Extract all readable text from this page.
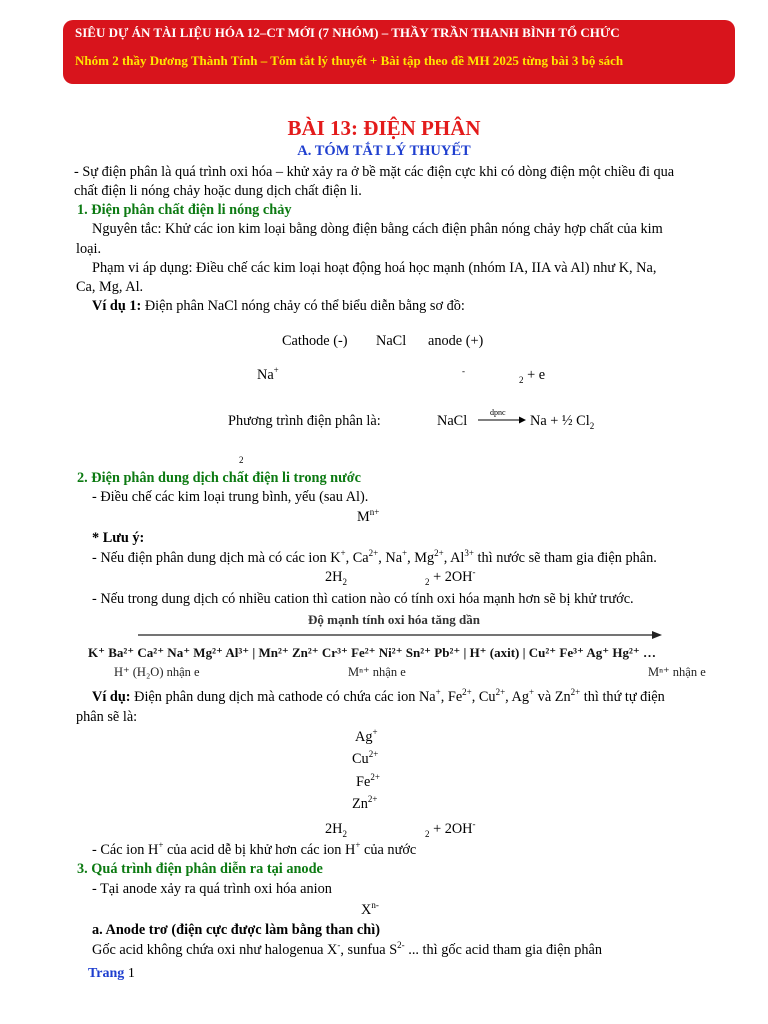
SIÊU DỰ ÁN TÀI LIỆU HÓA 12–CT MỚI (7 NHÓM) – THẦY TRẦN THANH BÌNH TỔ CHỨC
Nhóm 2 thầy Dương Thành Tính – Tóm tắt lý thuyết + Bài tập theo đề MH 2025 từng bài 3 bộ sách
BÀI 13: ĐIỆN PHÂN
A. TÓM TẮT LÝ THUYẾT
- Sự điện phân là quá trình oxi hóa – khử xảy ra ở bề mặt các điện cực khi có dòng điện một chiều đi qua
chất điện li nóng chảy hoặc dung dịch chất điện li.
1. Điện phân chất điện li nóng chảy
Nguyên tắc: Khử các ion kim loại bằng dòng điện bằng cách điện phân nóng chảy hợp chất của kim
loại.
Phạm vi áp dụng: Điều chế các kim loại hoạt động hoá học mạnh (nhóm IA, IIA và Al) như K, Na,
Ca, Mg, Al.
Ví dụ 1: Điện phân NaCl nóng chảy có thể biểu diễn bằng sơ đồ:
Cathode (-) NaCl anode (+)
Na+	-
$_2$ + e
Phương trình điện phân là:	NaCl
dpnc
→ Na + ½ $Cl_2$
2
2. Điện phân dung dịch chất điện li trong nước
- Điều chế các kim loại trung bình, yếu (sau Al).
$M^{n+}$
* Lưu ý:
- Nếu điện phân dung dịch mà có các ion K+, $Ca^{2+}$, Na+, $Mg^{2+}$, $Al^{3+}$ thì nước sẽ tham gia điện phân.
$2H_2$	$_2$ + 2OH-
- Nếu trong dung dịch có nhiều cation thì cation nào có tính oxi hóa mạnh hơn sẽ bị khử trước.
Độ mạnh tính oxi hóa tăng dần
K⁺ Ba²⁺ Ca²⁺ Na⁺ Mg²⁺ Al³⁺ | Mn²⁺ Zn²⁺ Cr³⁺ Fe²⁺ Ni²⁺ Sn²⁺ Pb²⁺ | H⁺ (axit) | Cu²⁺ Fe³⁺ Ag⁺ Hg²⁺ …
H⁺ (H₂O) nhận e	Mⁿ⁺ nhận e	Mⁿ⁺ nhận e
Ví dụ: Điện phân dung dịch mà cathode có chứa các ion Na+, $Fe^{2+}$, $Cu^{2+}$, Ag+ và $Zn^{2+}$ thì thứ tự điện
phân sẽ là:
Ag+
$Cu^{2+}$
$Fe^{2+}$
$Zn^{2+}$
$2H_2$	$_2$ + 2OH-
- Các ion H+ của acid dễ bị khử hơn các ion H+ của nước
3. Quá trình điện phân diễn ra tại anode
- Tại anode xảy ra quá trình oxi hóa anion
$X^{n-}$
a. Anode trơ (điện cực được làm bằng than chì)
Gốc acid không chứa oxi như halogenua X-, sunfua $S^{2-}$ ... thì gốc acid tham gia điện phân
Trang 1
